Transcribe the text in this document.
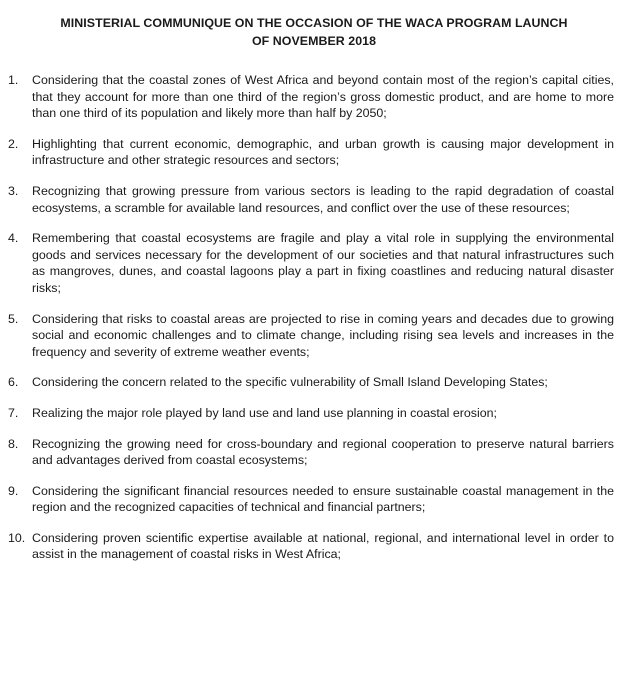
MINISTERIAL COMMUNIQUE ON THE OCCASION OF THE WACA PROGRAM LAUNCH
OF NOVEMBER 2018
1.	Considering that the coastal zones of West Africa and beyond contain most of the region’s capital cities, that they account for more than one third of the region’s gross domestic product, and are home to more than one third of its population and likely more than half by 2050;
2.	Highlighting that current economic, demographic, and urban growth is causing major development in infrastructure and other strategic resources and sectors;
3.	Recognizing that growing pressure from various sectors is leading to the rapid degradation of coastal ecosystems, a scramble for available land resources, and conflict over the use of these resources;
4.	Remembering that coastal ecosystems are fragile and play a vital role in supplying the environmental goods and services necessary for the development of our societies and that natural infrastructures such as mangroves, dunes, and coastal lagoons play a part in fixing coastlines and reducing natural disaster risks;
5.	Considering that risks to coastal areas are projected to rise in coming years and decades due to growing social and economic challenges and to climate change, including rising sea levels and increases in the frequency and severity of extreme weather events;
6.	Considering the concern related to the specific vulnerability of Small Island Developing States;
7.	Realizing the major role played by land use and land use planning in coastal erosion;
8.	Recognizing the growing need for cross-boundary and regional cooperation to preserve natural barriers and advantages derived from coastal ecosystems;
9.	Considering the significant financial resources needed to ensure sustainable coastal management in the region and the recognized capacities of technical and financial partners;
10. Considering proven scientific expertise available at national, regional, and international level in order to assist in the management of coastal risks in West Africa;
